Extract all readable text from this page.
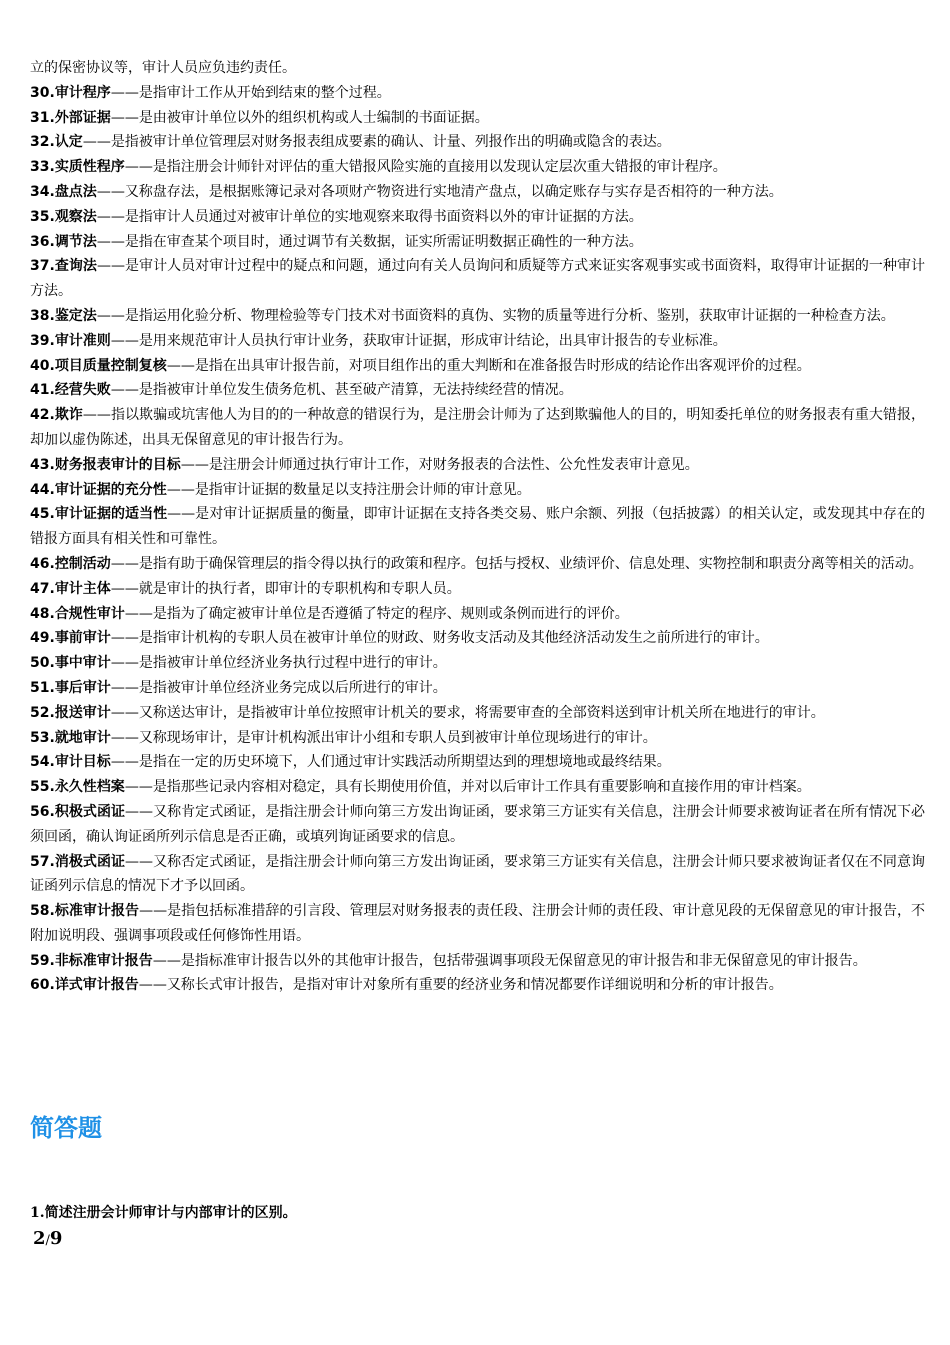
立的保密协议等，审计人员应负违约责任。

30.审计程序——是指审计工作从开始到结束的整个过程。

31.外部证据——是由被审计单位以外的组织机构或人士编制的书面证据。

32.认定——是指被审计单位管理层对财务报表组成要素的确认、计量、列报作出的明确或隐含的表达。

33.实质性程序——是指注册会计师针对评估的重大错报风险实施的直接用以发现认定层次重大错报的审计程序。

34.盘点法——又称盘存法，是根据账簿记录对各项财产物资进行实地清产盘点，以确定账存与实存是否相符的一种方法。

35.观察法——是指审计人员通过对被审计单位的实地观察来取得书面资料以外的审计证据的方法。

36.调节法——是指在审查某个项目时，通过调节有关数据，证实所需证明数据正确性的一种方法。

37.查询法——是审计人员对审计过程中的疑点和问题，通过向有关人员询问和质疑等方式来证实客观事实或书面资料，取得审计证据的一种审计方法。

38.鉴定法——是指运用化验分析、物理检验等专门技术对书面资料的真伪、实物的质量等进行分析、鉴别，获取审计证据的一种检查方法。

39.审计准则——是用来规范审计人员执行审计业务，获取审计证据，形成审计结论，出具审计报告的专业标准。

40.项目质量控制复核——是指在出具审计报告前，对项目组作出的重大判断和在准备报告时形成的结论作出客观评价的过程。

41.经营失败——是指被审计单位发生债务危机、甚至破产清算，无法持续经营的情况。

42.欺诈——指以欺骗或坑害他人为目的的一种故意的错误行为，是注册会计师为了达到欺骗他人的目的，明知委托单位的财务报表有重大错报，却加以虚伪陈述，出具无保留意见的审计报告行为。

43.财务报表审计的目标——是注册会计师通过执行审计工作，对财务报表的合法性、公允性发表审计意见。

44.审计证据的充分性——是指审计证据的数量足以支持注册会计师的审计意见。

45.审计证据的适当性——是对审计证据质量的衡量，即审计证据在支持各类交易、账户余额、列报（包括披露）的相关认定，或发现其中存在的错报方面具有相关性和可靠性。

46.控制活动——是指有助于确保管理层的指令得以执行的政策和程序。包括与授权、业绩评价、信息处理、实物控制和职责分离等相关的活动。

47.审计主体——就是审计的执行者，即审计的专职机构和专职人员。

48.合规性审计——是指为了确定被审计单位是否遵循了特定的程序、规则或条例而进行的评价。

49.事前审计——是指审计机构的专职人员在被审计单位的财政、财务收支活动及其他经济活动发生之前所进行的审计。

50.事中审计——是指被审计单位经济业务执行过程中进行的审计。

51.事后审计——是指被审计单位经济业务完成以后所进行的审计。

52.报送审计——又称送达审计，是指被审计单位按照审计机关的要求，将需要审查的全部资料送到审计机关所在地进行的审计。

53.就地审计——又称现场审计，是审计机构派出审计小组和专职人员到被审计单位现场进行的审计。

54.审计目标——是指在一定的历史环境下，人们通过审计实践活动所期望达到的理想境地或最终结果。

55.永久性档案——是指那些记录内容相对稳定，具有长期使用价值，并对以后审计工作具有重要影响和直接作用的审计档案。

56.积极式函证——又称肯定式函证，是指注册会计师向第三方发出询证函，要求第三方证实有关信息，注册会计师要求被询证者在所有情况下必须回函，确认询证函所列示信息是否正确，或填列询证函要求的信息。

57.消极式函证——又称否定式函证，是指注册会计师向第三方发出询证函，要求第三方证实有关信息，注册会计师只要求被询证者仅在不同意询证函列示信息的情况下才予以回函。

58.标准审计报告——是指包括标准措辞的引言段、管理层对财务报表的责任段、注册会计师的责任段、审计意见段的无保留意见的审计报告，不附加说明段、强调事项段或任何修饰性用语。

59.非标准审计报告——是指标准审计报告以外的其他审计报告，包括带强调事项段无保留意见的审计报告和非无保留意见的审计报告。

60.详式审计报告——又称长式审计报告，是指对审计对象所有重要的经济业务和情况都要作详细说明和分析的审计报告。

简答题

1.简述注册会计师审计与内部审计的区别。

2/9
